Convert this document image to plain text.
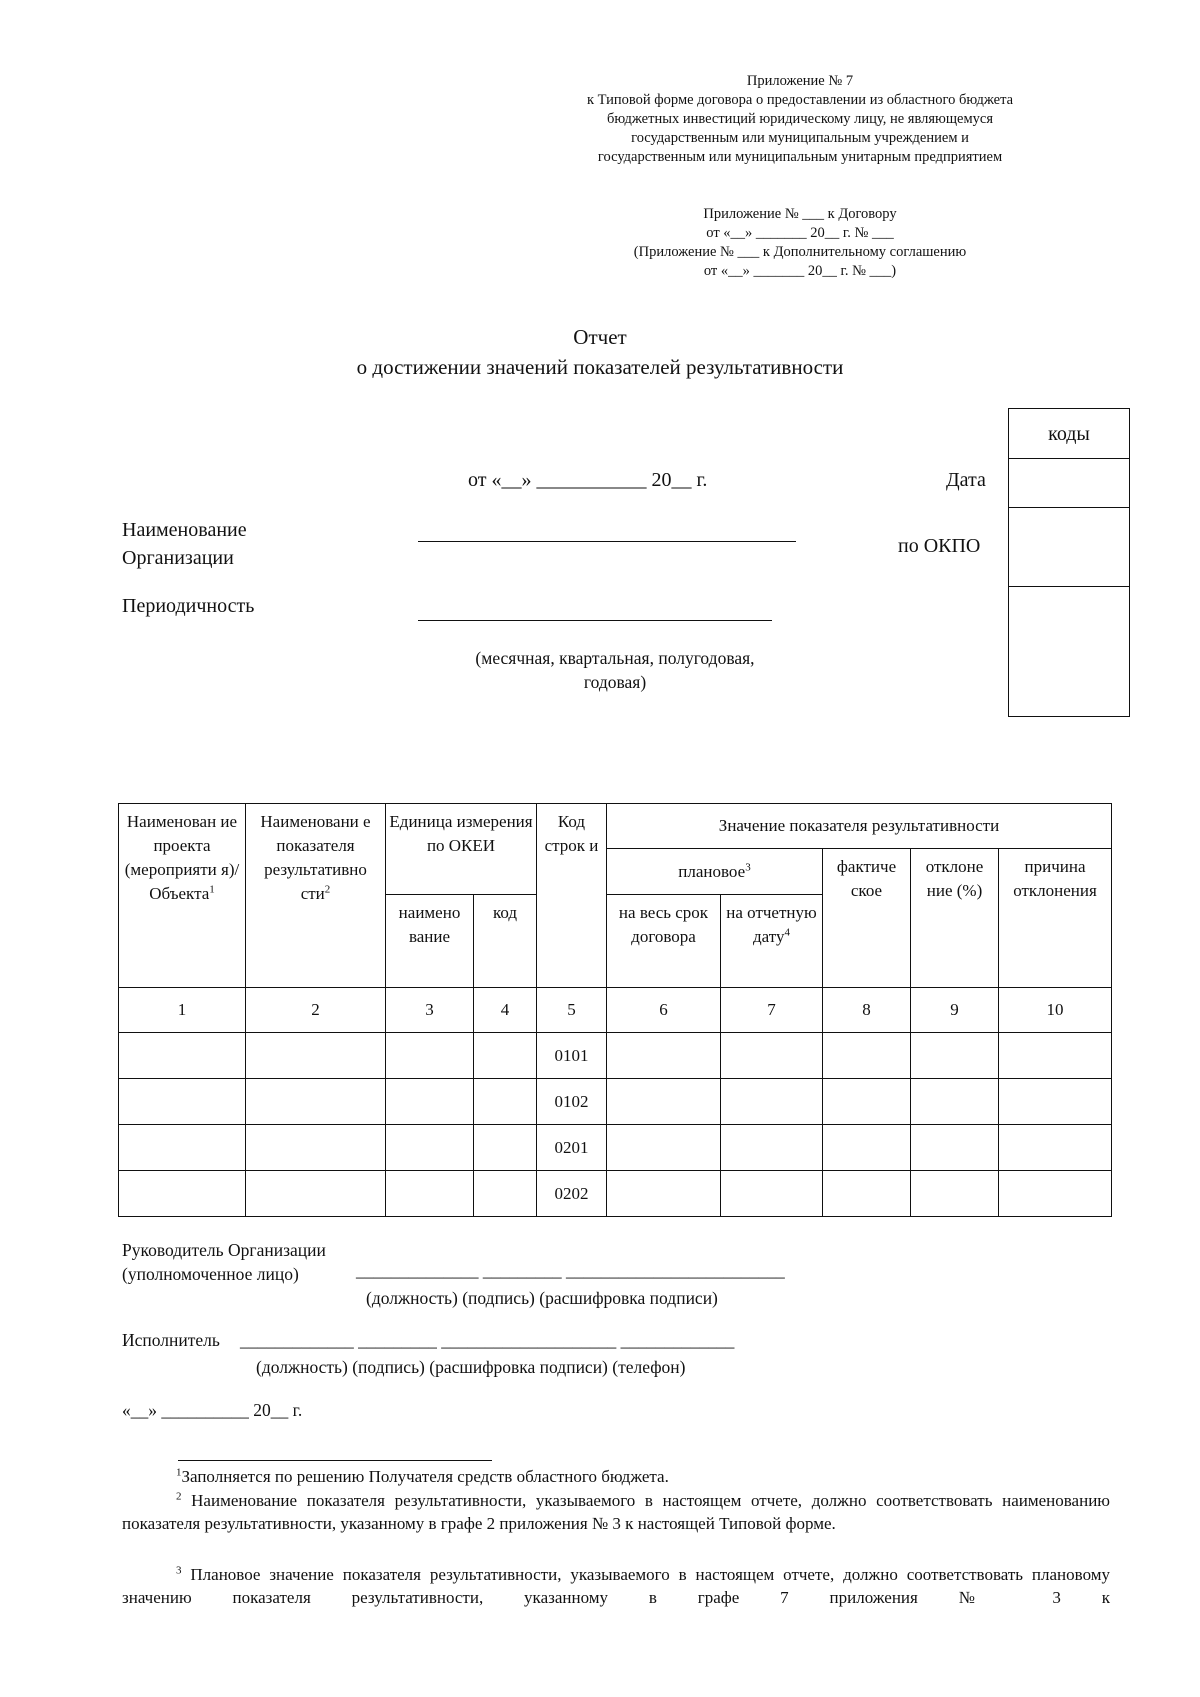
Приложение № 7
к Типовой форме договора о предоставлении из областного бюджета
бюджетных инвестиций юридическому лицу, не являющемуся
государственным или муниципальным учреждением и
государственным или муниципальным унитарным предприятием
Приложение № ___ к Договору
от «__» _______ 20__ г. № ___
(Приложение № ___ к Дополнительному соглашению
от «__» _______ 20__ г. № ___)
Отчет
о достижении значений показателей результативности
от «__» ___________ 20__ г.
Наименование
Организации
Периодичность
(месячная, квартальная, полугодовая,
годовая)
Дата
по ОКПО
коды
Наименован ие проекта (мероприяти я)/Объекта$^1$	Наименовани е показателя результативно сти$^2$	Единица измерения по ОКЕИ		Код строк и	Значение показателя результативности				
					плановое$^3$		фактиче ское	отклоне ние (%)	причина отклонения
		наимено вание	код		на весь срок договора	на отчетную дату$^4$
1	2	3	4	5	6	7	8	9	10
				0101					
				0102					
				0201					
				0202					
Руководитель Организации
(уполномоченное лицо)	______________ _________ _________________________
(должность) (подпись) (расшифровка подписи)
Исполнитель _____________ _________ ____________________ _____________
(должность) (подпись) (расшифровка подписи) (телефон)
«__» __________ 20__ г.
$^1$Заполняется по решению Получателя средств областного бюджета.
$^2$ Наименование показателя результативности, указываемого в настоящем отчете, должно соответствовать наименованию показателя результативности, указанному в графе 2 приложения № 3 к настоящей Типовой форме.
$^3$ Плановое значение показателя результативности, указываемого в настоящем отчете, должно соответствовать плановому значению показателя результативности, указанному в графе 7 приложения № 3 к
